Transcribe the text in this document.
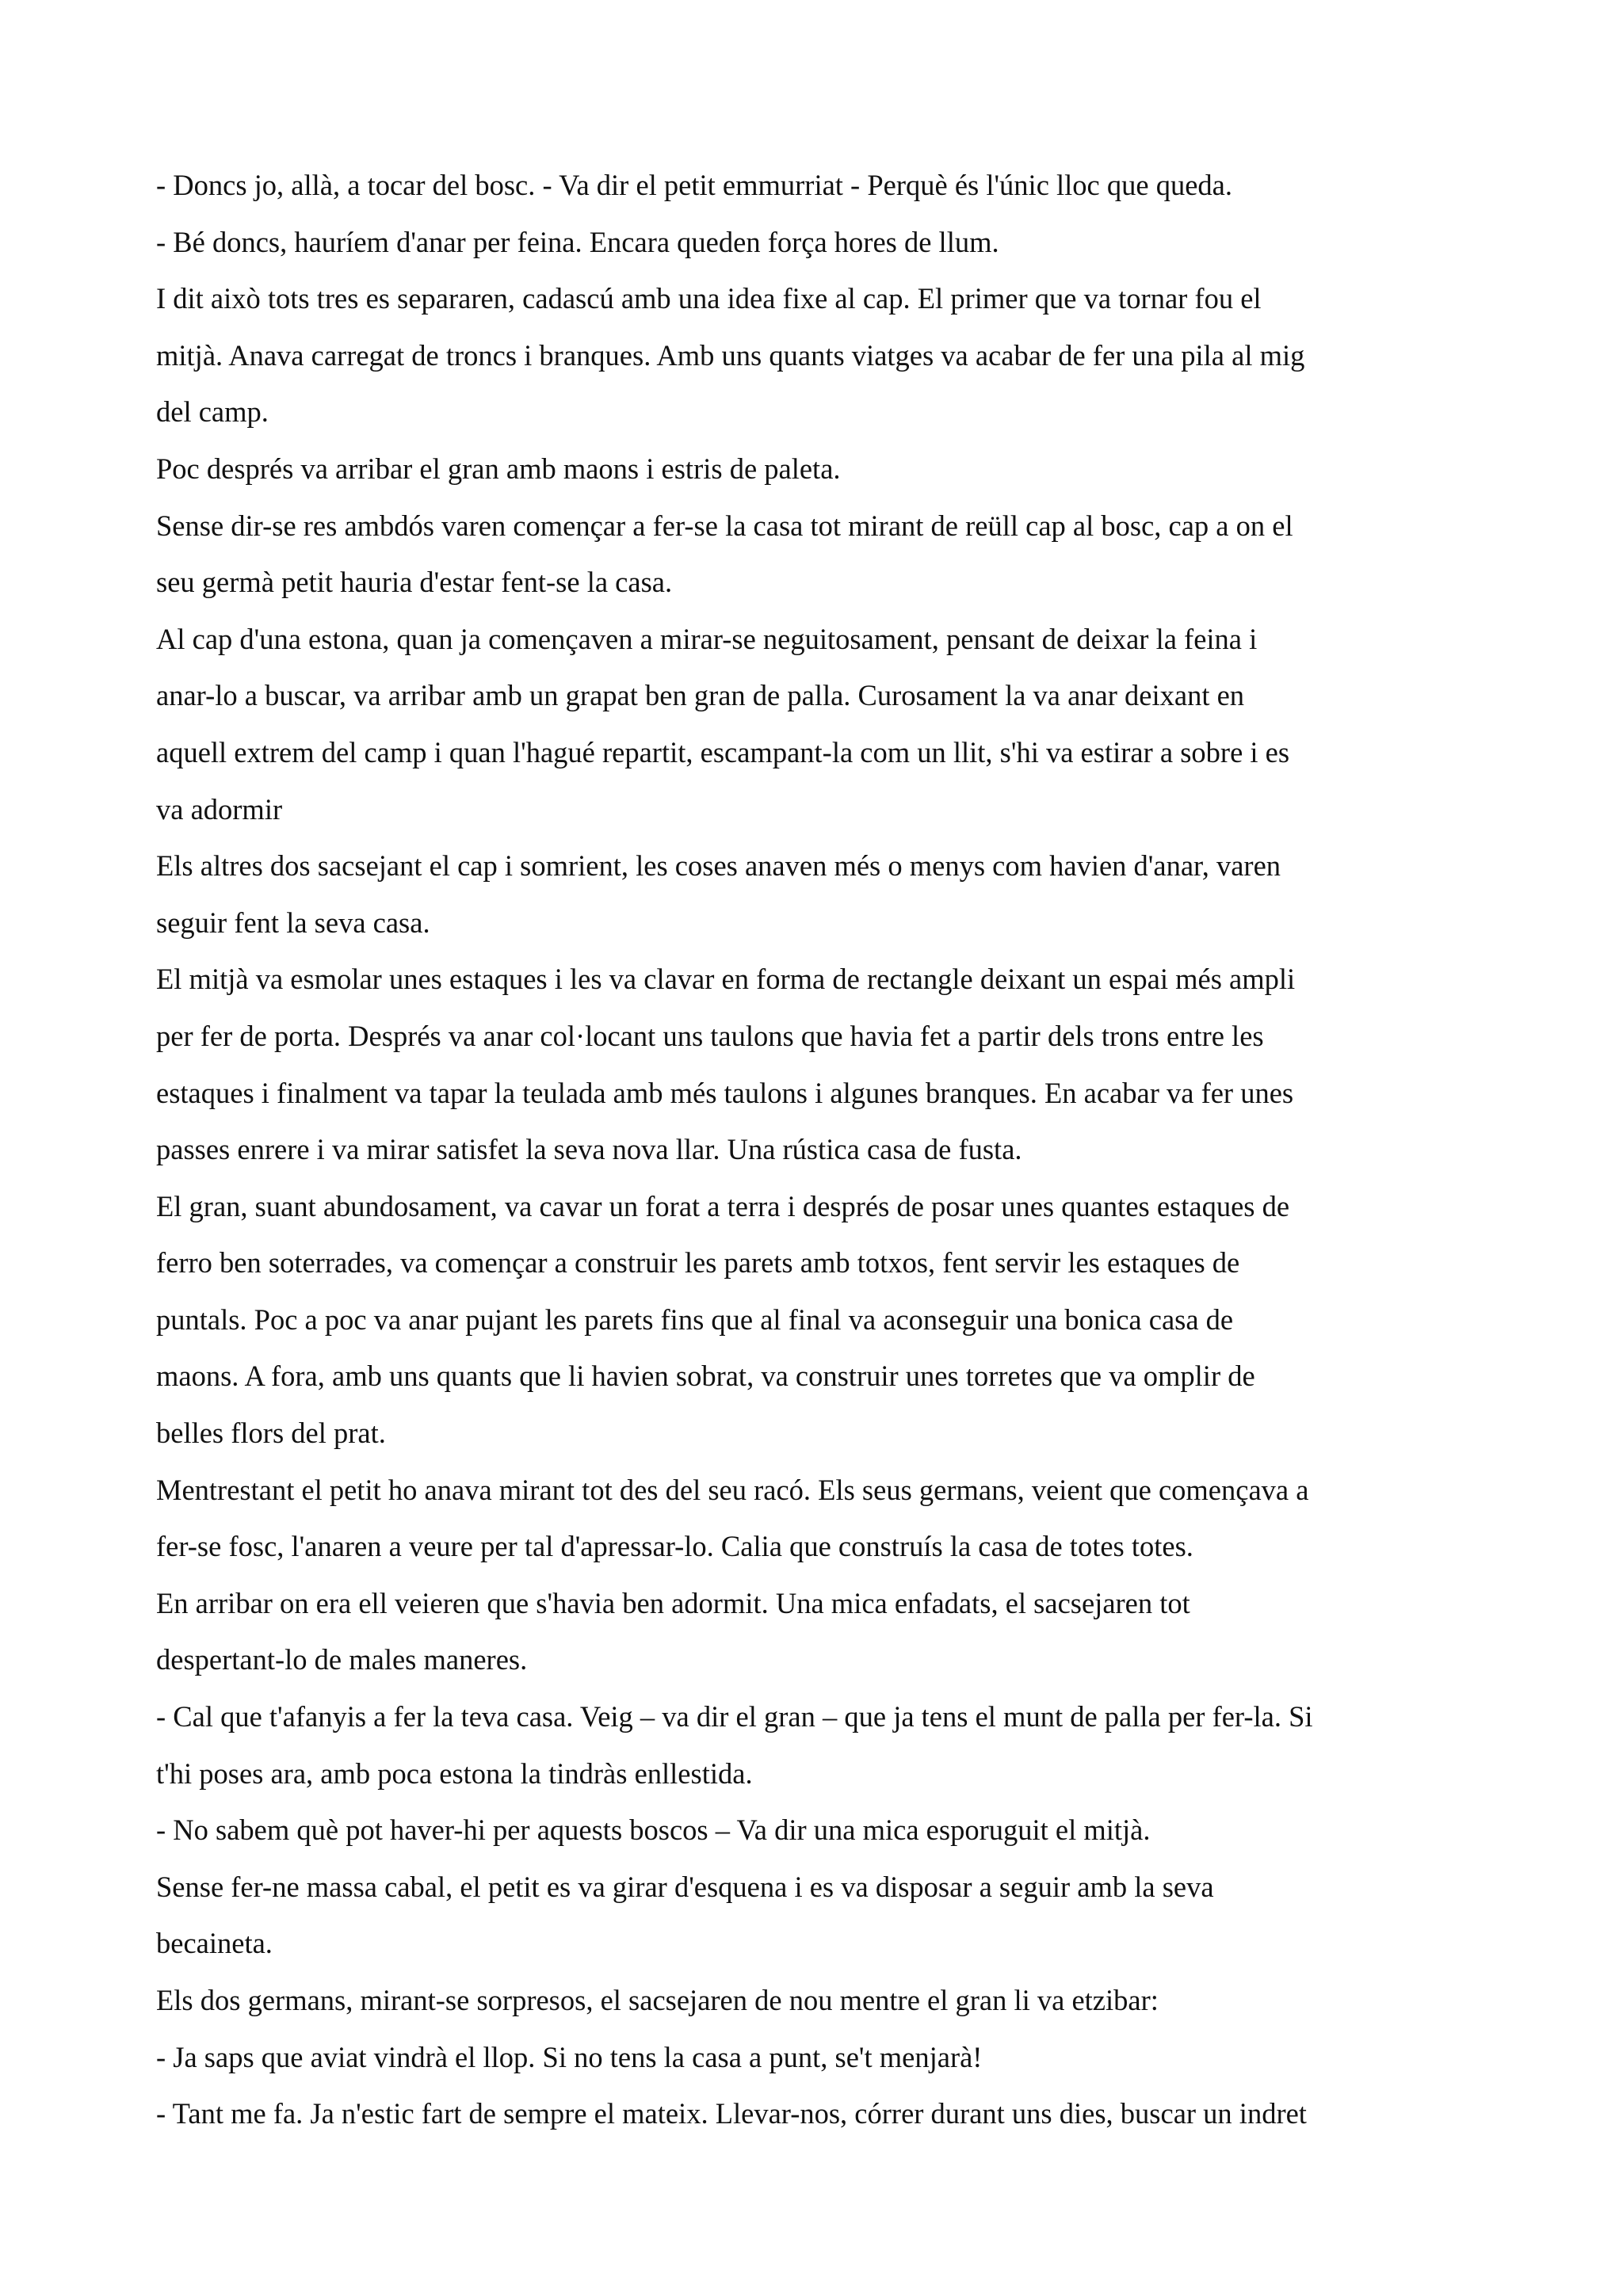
- Doncs jo, allà, a tocar del bosc. - Va dir el petit emmurriat - Perquè és l'únic lloc que queda.

- Bé doncs, hauríem d'anar per feina. Encara queden força hores de llum.

I dit això tots tres es separaren, cadascú amb una idea fixe al cap. El primer que va tornar fou el

mitjà. Anava carregat de troncs i branques. Amb uns quants viatges va acabar de fer una pila al mig

del camp.

Poc després va arribar el gran amb maons i estris de paleta.

Sense dir-se res ambdós varen començar a fer-se la casa tot mirant de reüll cap al bosc, cap a on el

seu germà petit hauria d'estar fent-se la casa.

Al cap d'una estona, quan ja començaven a mirar-se neguitosament, pensant de deixar la feina i

anar-lo a buscar, va arribar amb un grapat ben gran de palla. Curosament la va anar deixant en

aquell extrem del camp i quan l'hagué repartit, escampant-la com un llit, s'hi va estirar a sobre i es

va adormir

Els altres dos sacsejant el cap i somrient, les coses anaven més o menys com havien d'anar, varen

seguir fent la seva casa.

El mitjà va esmolar unes estaques i les va clavar en forma de rectangle deixant un espai més ampli

per fer de porta. Després va anar col·locant uns taulons que havia fet a partir dels trons entre les

estaques i finalment va tapar la teulada amb més taulons i algunes branques. En acabar va fer unes

passes enrere i va mirar satisfet la seva nova llar. Una rústica casa de fusta.

El gran, suant abundosament, va cavar un forat a terra i després de posar unes quantes estaques de

ferro ben soterrades, va començar a construir les parets amb totxos, fent servir les estaques de

puntals. Poc a poc va anar pujant les parets fins que al final va aconseguir una bonica casa de

maons. A fora, amb uns quants que li havien sobrat, va construir unes torretes que va omplir de

belles flors del prat.

Mentrestant el petit ho anava mirant tot des del seu racó. Els seus germans, veient que començava a

fer-se fosc, l'anaren a veure per tal d'apressar-lo. Calia que construís la casa de totes totes.

En arribar on era ell veieren que s'havia ben adormit. Una mica enfadats, el sacsejaren tot

despertant-lo de males maneres.

- Cal que t'afanyis a fer la teva casa. Veig – va dir el gran – que ja tens el munt de palla per fer-la. Si

t'hi poses ara, amb poca estona la tindràs enllestida.

- No sabem què pot haver-hi per aquests boscos – Va dir una mica esporuguit el mitjà.

Sense fer-ne massa cabal, el petit es va girar d'esquena i es va disposar a seguir amb la seva

becaineta.

Els dos germans, mirant-se sorpresos, el sacsejaren de nou mentre el gran li va etzibar:

- Ja saps que aviat vindrà el llop. Si no tens la casa a punt, se't menjarà!

- Tant me fa. Ja n'estic fart de sempre el mateix. Llevar-nos, córrer durant uns dies, buscar un indret
